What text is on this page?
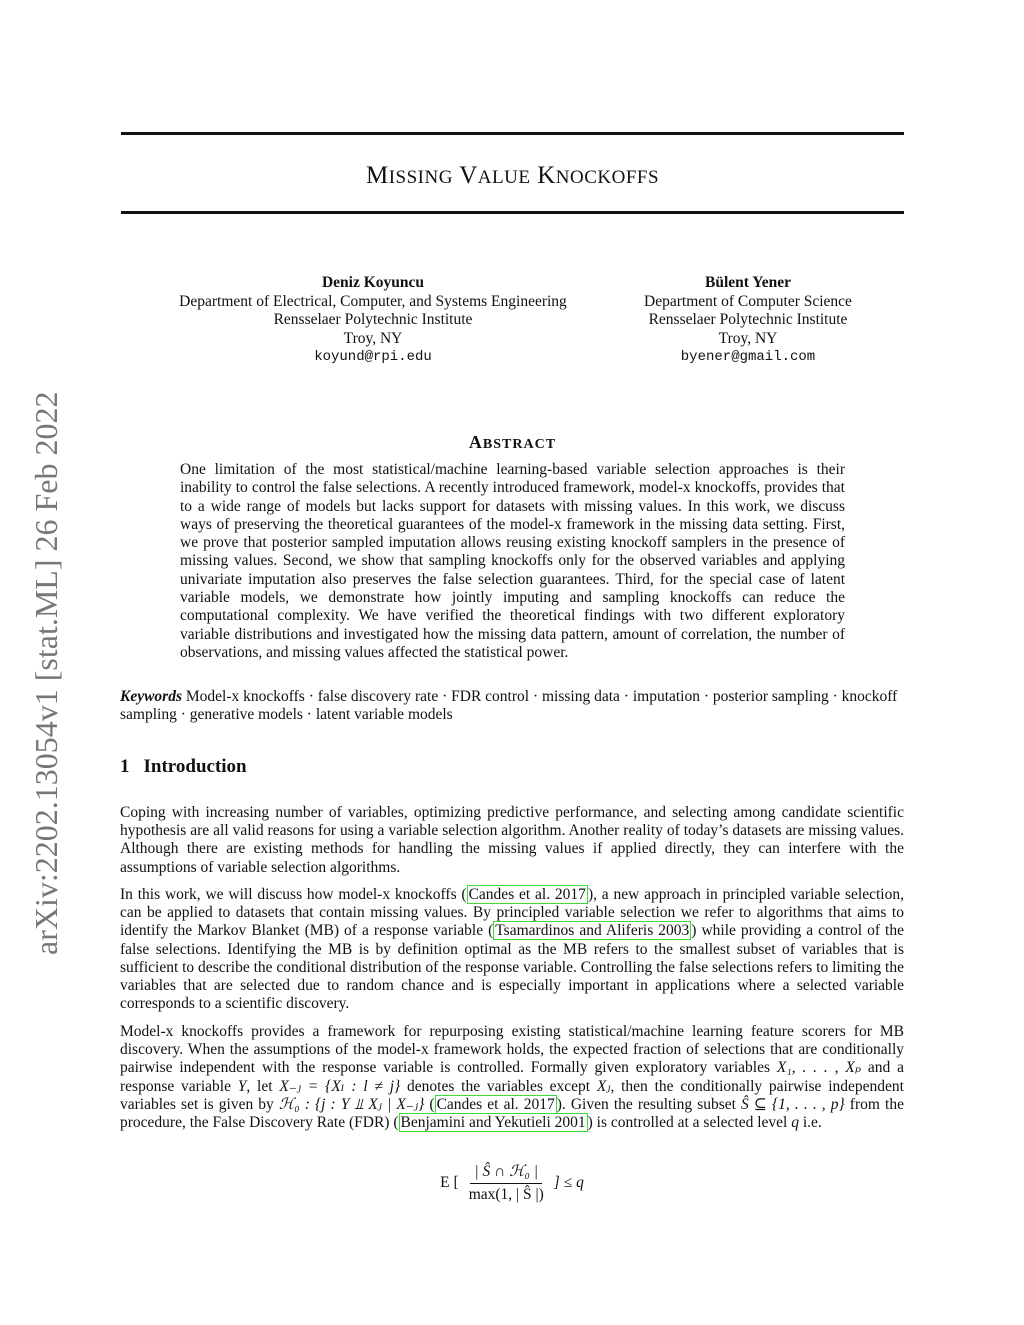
arXiv:2202.13054v1 [stat.ML] 26 Feb 2022
MISSING VALUE KNOCKOFFS
Deniz Koyuncu
Department of Electrical, Computer, and Systems Engineering
Rensselaer Polytechnic Institute
Troy, NY
koyund@rpi.edu
Bülent Yener
Department of Computer Science
Rensselaer Polytechnic Institute
Troy, NY
byener@gmail.com
ABSTRACT
One limitation of the most statistical/machine learning-based variable selection approaches is their inability to control the false selections. A recently introduced framework, model-x knockoffs, provides that to a wide range of models but lacks support for datasets with missing values. In this work, we discuss ways of preserving the theoretical guarantees of the model-x framework in the missing data setting. First, we prove that posterior sampled imputation allows reusing existing knockoff samplers in the presence of missing values. Second, we show that sampling knockoffs only for the observed variables and applying univariate imputation also preserves the false selection guarantees. Third, for the special case of latent variable models, we demonstrate how jointly imputing and sampling knockoffs can reduce the computational complexity. We have verified the theoretical findings with two different exploratory variable distributions and investigated how the missing data pattern, amount of correlation, the number of observations, and missing values affected the statistical power.
Keywords Model-x knockoffs · false discovery rate · FDR control · missing data · imputation · posterior sampling · knockoff sampling · generative models · latent variable models
1 Introduction
Coping with increasing number of variables, optimizing predictive performance, and selecting among candidate scientific hypothesis are all valid reasons for using a variable selection algorithm. Another reality of today’s datasets are missing values. Although there are existing methods for handling the missing values if applied directly, they can interfere with the assumptions of variable selection algorithms.
In this work, we will discuss how model-x knockoffs ( Candes et al. 2017 ), a new approach in principled variable selection, can be applied to datasets that contain missing values. By principled variable selection we refer to algorithms that aims to identify the Markov Blanket (MB) of a response variable ( Tsamardinos and Aliferis 2003 ) while providing a control of the false selections. Identifying the MB is by definition optimal as the MB refers to the smallest subset of variables that is sufficient to describe the conditional distribution of the response variable. Controlling the false selections refers to limiting the variables that are selected due to random chance and is especially important in applications where a selected variable corresponds to a scientific discovery.
Model-x knockoffs provides a framework for repurposing existing statistical/machine learning feature scorers for MB discovery. When the assumptions of the model-x framework holds, the expected fraction of selections that are conditionally pairwise independent with the response variable is controlled. Formally given exploratory variables X₁, . . . , Xₚ and a response variable Y, let X₋ⱼ = {Xₗ : l ≠ j} denotes the variables except Xⱼ, then the conditionally pairwise independent variables set is given by ℋ₀ : {j : Y ⫫ Xⱼ | X₋ⱼ} ( Candes et al. 2017 ). Given the resulting subset Ŝ ⊆ {1, . . . , p} from the procedure, the False Discovery Rate (FDR) ( Benjamini and Yekutieli 2001 ) is controlled at a selected level q i.e.
E [ $\frac{\text{| Ŝ ∩ ℋ₀ |}}{\max(1, | Ŝ |)}$ ] ≤ q
